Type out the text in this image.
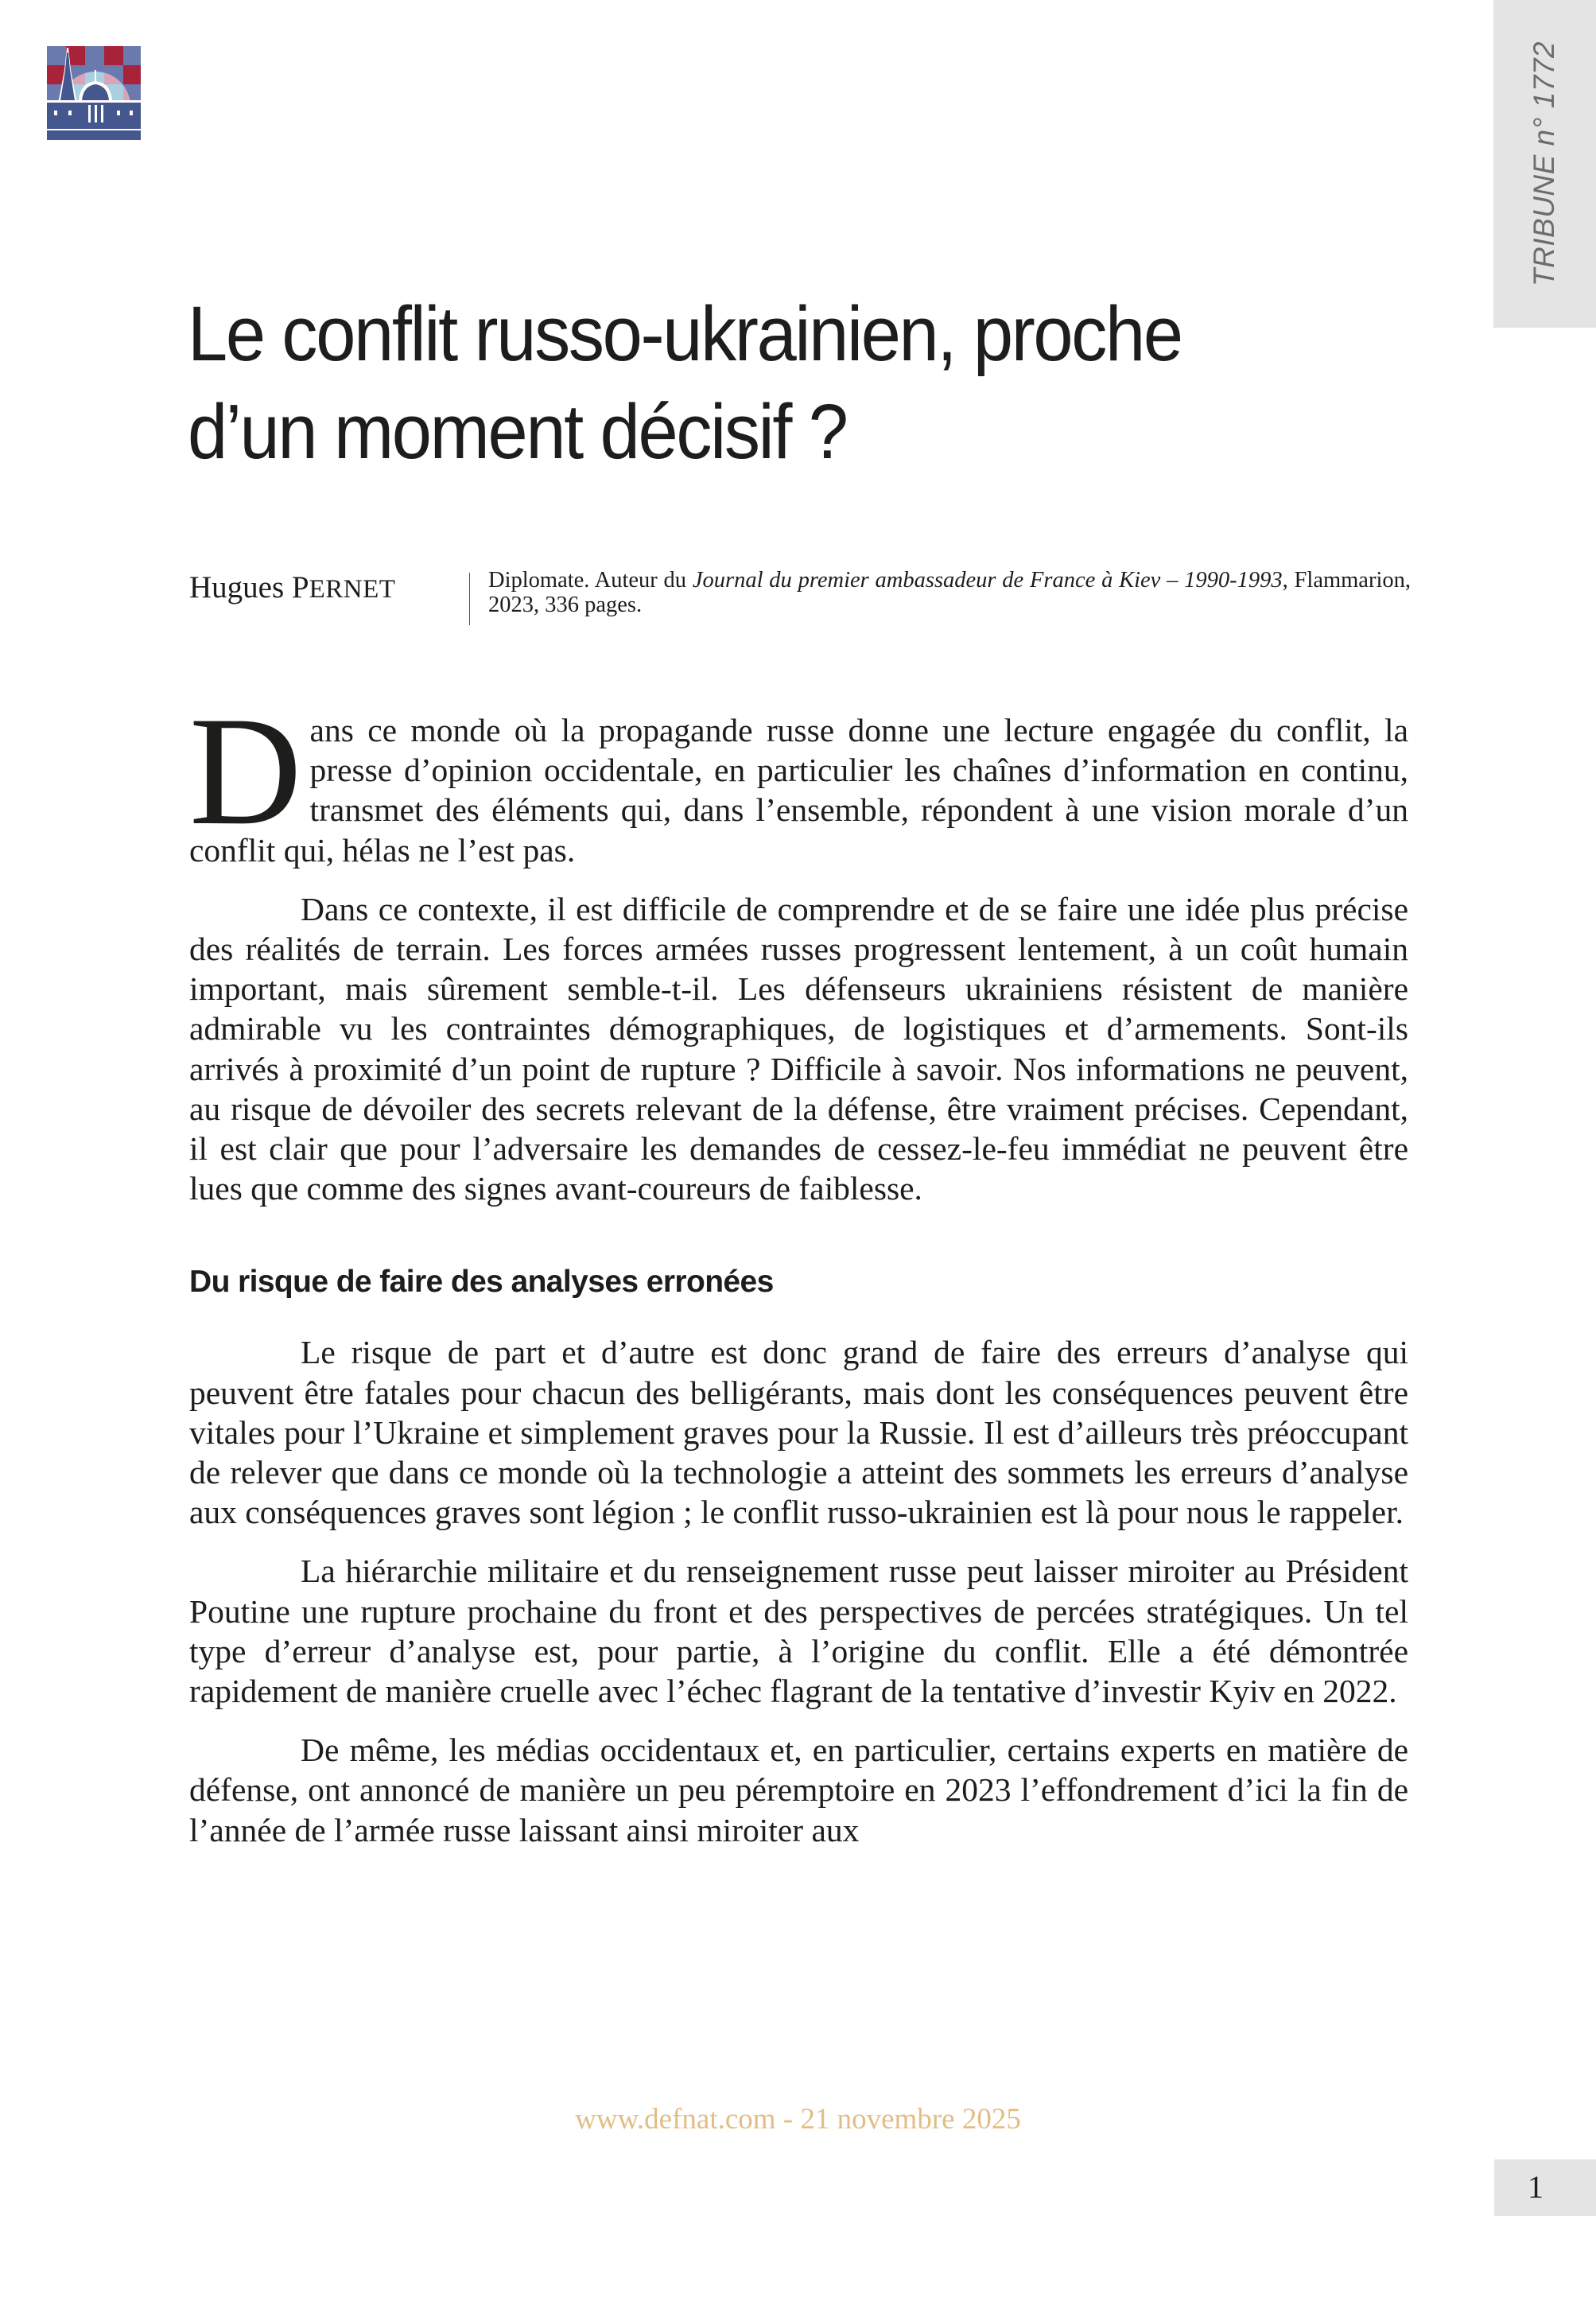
TRIBUNE n° 1772
Le conflit russo-ukrainien, proche
d’un moment décisif ?
Hugues PERNET	Diplomate. Auteur du Journal du premier ambassadeur de France à Kiev – 1990-1993, Flammarion, 2023, 336 pages.

Dans ce monde où la propagande russe donne une lecture engagée du conflit, la presse d’opinion occidentale, en particulier les chaînes d’information en continu, transmet des éléments qui, dans l’ensemble, répondent à une vision morale d’un conflit qui, hélas ne l’est pas.

Dans ce contexte, il est difficile de comprendre et de se faire une idée plus précise des réalités de terrain. Les forces armées russes progressent lentement, à un coût humain important, mais sûrement semble-t-il. Les défenseurs ukrainiens résistent de manière admirable vu les contraintes démographiques, de logistiques et d’armements. Sont-ils arrivés à proximité d’un point de rupture ? Difficile à savoir. Nos informations ne peuvent, au risque de dévoiler des secrets relevant de la défense, être vraiment précises. Cependant, il est clair que pour l’adversaire les demandes de cessez-le-feu immédiat ne peuvent être lues que comme des signes avant-coureurs de faiblesse.

Du risque de faire des analyses erronées

Le risque de part et d’autre est donc grand de faire des erreurs d’analyse qui peuvent être fatales pour chacun des belligérants, mais dont les conséquences peuvent être vitales pour l’Ukraine et simplement graves pour la Russie. Il est d’ailleurs très préoccupant de relever que dans ce monde où la technologie a atteint des sommets les erreurs d’analyse aux conséquences graves sont légion ; le conflit russo-ukrainien est là pour nous le rappeler.

La hiérarchie militaire et du renseignement russe peut laisser miroiter au Président Poutine une rupture prochaine du front et des perspectives de percées stratégiques. Un tel type d’erreur d’analyse est, pour partie, à l’origine du conflit. Elle a été démontrée rapidement de manière cruelle avec l’échec flagrant de la tentative d’investir Kyiv en 2022.

De même, les médias occidentaux et, en particulier, certains experts en matière de défense, ont annoncé de manière un peu péremptoire en 2023 l’effondrement d’ici la fin de l’année de l’armée russe laissant ainsi miroiter aux

www.defnat.com - 21 novembre 2025
1
